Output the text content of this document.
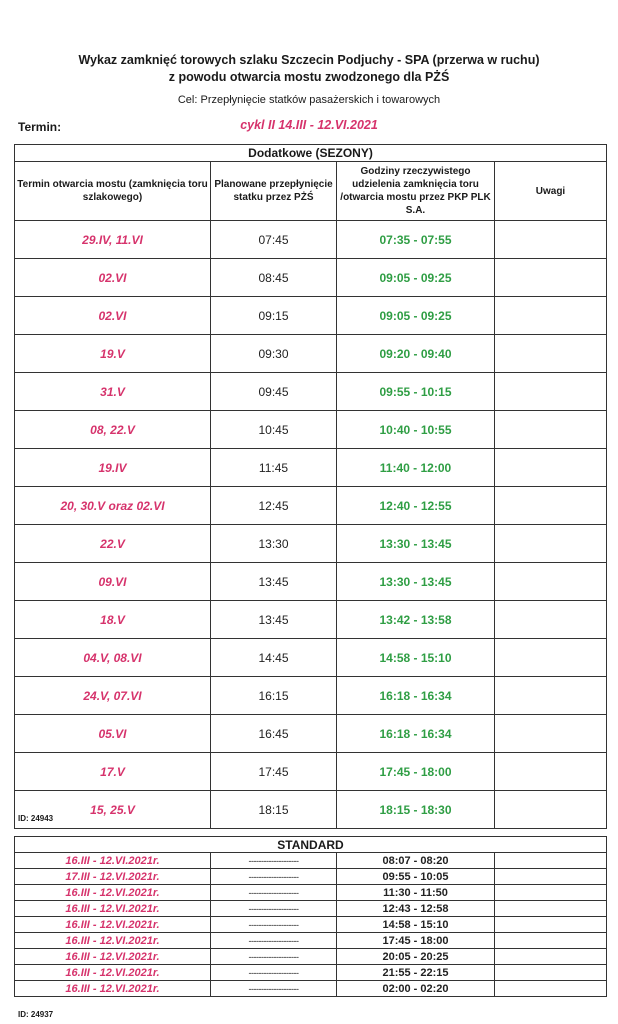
Wykaz zamknięć torowych szlaku Szczecin Podjuchy - SPA (przerwa w ruchu)
z powodu otwarcia mostu zwodzonego dla PŻŚ
Cel: Przepłynięcie statków pasażerskich i towarowych
Termin:	cykl II 14.III - 12.VI.2021
Dodatkowe (SEZONY)			
Termin otwarcia mostu (zamknięcia toru szlakowego)	Planowane przepłynięcie statku przez PŻŚ	Godziny rzeczywistego udzielenia zamknięcia toru /otwarcia mostu przez PKP PLK S.A.	Uwagi
29.IV, 11.VI	07:45	07:35 - 07:55	
02.VI	08:45	09:05 - 09:25	
02.VI	09:15	09:05 - 09:25	
19.V	09:30	09:20 - 09:40	
31.V	09:45	09:55 - 10:15	
08, 22.V	10:45	10:40 - 10:55	
19.IV	11:45	11:40 - 12:00	
20, 30.V oraz 02.VI	12:45	12:40 - 12:55	
22.V	13:30	13:30 - 13:45	
09.VI	13:45	13:30 - 13:45	
18.V	13:45	13:42 - 13:58	
04.V, 08.VI	14:45	14:58 - 15:10	
24.V, 07.VI	16:15	16:18 - 16:34	
05.VI	16:45	16:18 - 16:34	
17.V	17:45	17:45 - 18:00	
15, 25.V	18:15	18:15 - 18:30	
ID: 24943
STANDARD			
16.III - 12.VI.2021r.	--------------------	08:07 - 08:20	
17.III - 12.VI.2021r.	--------------------	09:55 - 10:05	
16.III - 12.VI.2021r.	--------------------	11:30 - 11:50	
16.III - 12.VI.2021r.	--------------------	12:43 - 12:58	
16.III - 12.VI.2021r.	--------------------	14:58 - 15:10	
16.III - 12.VI.2021r.	--------------------	17:45 - 18:00	
16.III - 12.VI.2021r.	--------------------	20:05 - 20:25	
16.III - 12.VI.2021r.	--------------------	21:55 - 22:15	
16.III - 12.VI.2021r.	--------------------	02:00 - 02:20	
ID: 24937
